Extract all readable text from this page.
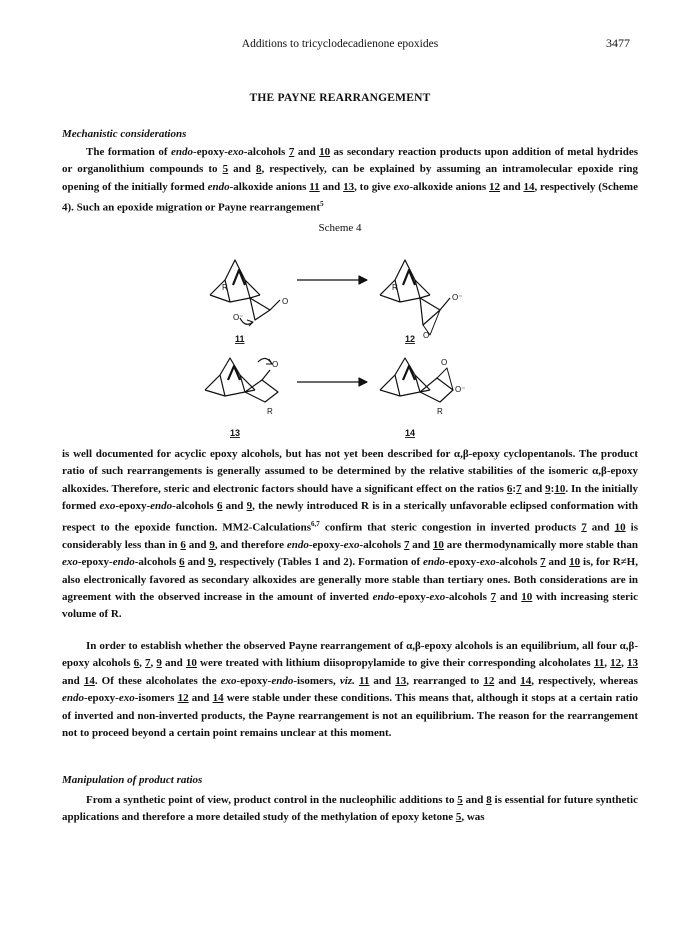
Additions to tricyclodecadienone epoxides	3477
THE PAYNE REARRANGEMENT
Mechanistic considerations
The formation of endo-epoxy-exo-alcohols 7 and 10 as secondary reaction products upon addition of metal hydrides or organolithium compounds to 5 and 8, respectively, can be explained by assuming an intramolecular epoxide ring opening of the initially formed endo-alkoxide anions 11 and 13, to give exo-alkoxide anions 12 and 14, respectively (Scheme 4). Such an epoxide migration or Payne rearrangement$^5$
Scheme 4
R
O
O⁻
R
O⁻
O
R
O
R
O
O⁻
11	12
13	14
is well documented for acyclic epoxy alcohols, but has not yet been described for α,β-epoxy cyclopentanols. The product ratio of such rearrangements is generally assumed to be determined by the relative stabilities of the isomeric α,β-epoxy alkoxides. Therefore, steric and electronic factors should have a significant effect on the ratios 6:7 and 9:10. In the initially formed exo-epoxy-endo-alcohols 6 and 9, the newly introduced R is in a sterically unfavorable eclipsed conformation with respect to the epoxide function. MM2-Calculations$^{6,7}$ confirm that steric congestion in inverted products 7 and 10 is considerably less than in 6 and 9, and therefore endo-epoxy-exo-alcohols 7 and 10 are thermodynamically more stable than exo-epoxy-endo-alcohols 6 and 9, respectively (Tables 1 and 2). Formation of endo-epoxy-exo-alcohols 7 and 10 is, for R≠H, also electronically favored as secondary alkoxides are generally more stable than tertiary ones. Both considerations are in agreement with the observed increase in the amount of inverted endo-epoxy-exo-alcohols 7 and 10 with increasing steric volume of R.
In order to establish whether the observed Payne rearrangement of α,β-epoxy alcohols is an equilibrium, all four α,β-epoxy alcohols 6, 7, 9 and 10 were treated with lithium diisopropylamide to give their corresponding alcoholates 11, 12, 13 and 14. Of these alcoholates the exo-epoxy-endo-isomers, viz. 11 and 13, rearranged to 12 and 14, respectively, whereas endo-epoxy-exo-isomers 12 and 14 were stable under these conditions. This means that, although it stops at a certain ratio of inverted and non-inverted products, the Payne rearrangement is not an equilibrium. The reason for the rearrangement not to proceed beyond a certain point remains unclear at this moment.
Manipulation of product ratios
From a synthetic point of view, product control in the nucleophilic additions to 5 and 8 is essential for future synthetic applications and therefore a more detailed study of the methylation of epoxy ketone 5, was
